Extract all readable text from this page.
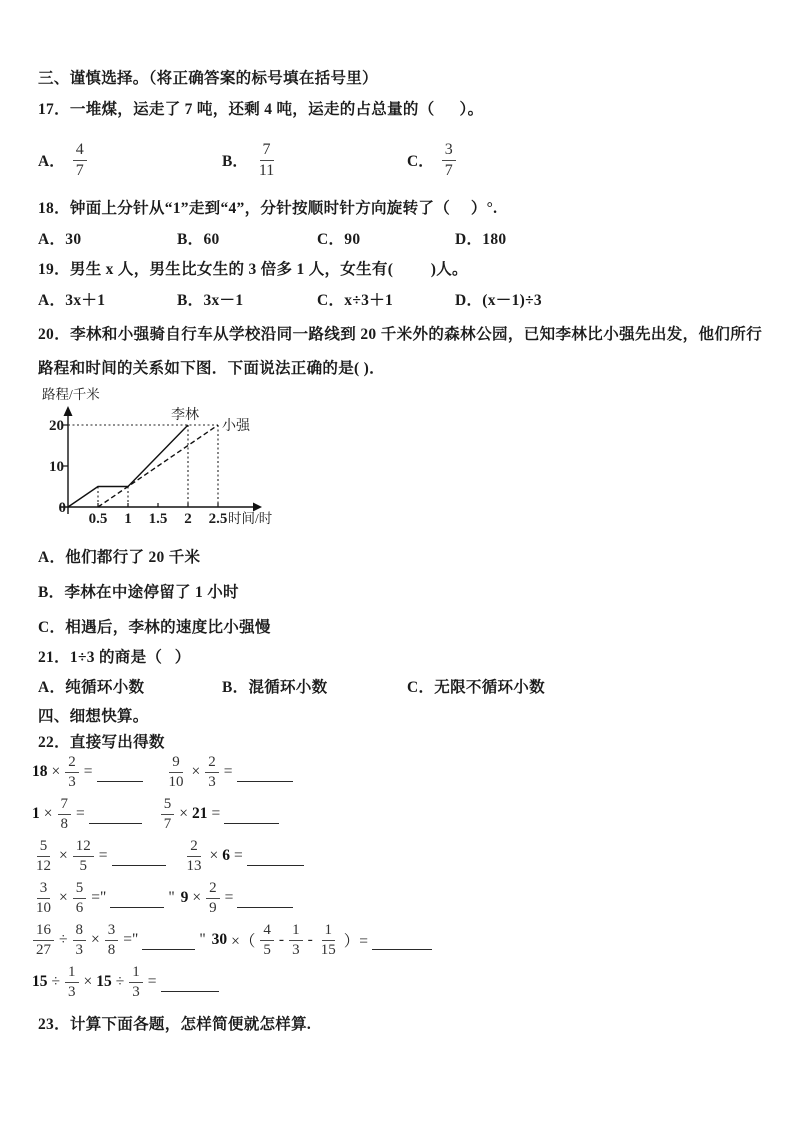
三、谨慎选择。（将正确答案的标号填在括号里）
17．一堆煤，运走了 7 吨，还剩 4 吨，运走的占总量的（      ）。
A． $\frac{4}{7}$	B． $\frac{7}{11}$	C． $\frac{3}{7}$
18．钟面上分针从“1”走到“4”，分针按顺时针方向旋转了（     ）°.
A．30	B．60	C．90	D．180
19．男生 x 人，男生比女生的 3 倍多 1 人，女生有(         )人。
A．3x＋1	B．3x－1	C．x÷3＋1	D．(x－1)÷3
20．李林和小强骑自行车从学校沿同一路线到 20 千米外的森林公园，已知李林比小强先出发，他们所行路程和时间的关系如下图．下面说法正确的是( )．
0.5 1 1.5 2 2.5
0
10
20
李林
小强
路程/千米
时间/时
A．他们都行了 20 千米
B．李林在中途停留了 1 小时
C．相遇后，李林的速度比小强慢
21．1÷3 的商是（   ）
A．纯循环小数	B．混循环小数	C．无限不循环小数
四、细想快算。
22．直接写出得数
$18 \times \frac{2}{3}$ =	$\frac{9}{10} \times \frac{2}{3}$ =
$1 \times \frac{7}{8}$ =	$\frac{5}{7} \times 21$ =
$\frac{5}{12} \times \frac{12}{5}$ =	$\frac{2}{13} \times 6$ =
$\frac{3}{10} \times \frac{5}{6}$ ="	" $9 \times \frac{2}{9}$ =
$\frac{16}{27} \div \frac{8}{3} \times \frac{3}{8}$ ="	" 30 ×（ $\frac{4}{5} - \frac{1}{3} - \frac{1}{15}$ ）=
$15 \div \frac{1}{3} \times 15 \div \frac{1}{3}$ =
23．计算下面各题，怎样简便就怎样算.
